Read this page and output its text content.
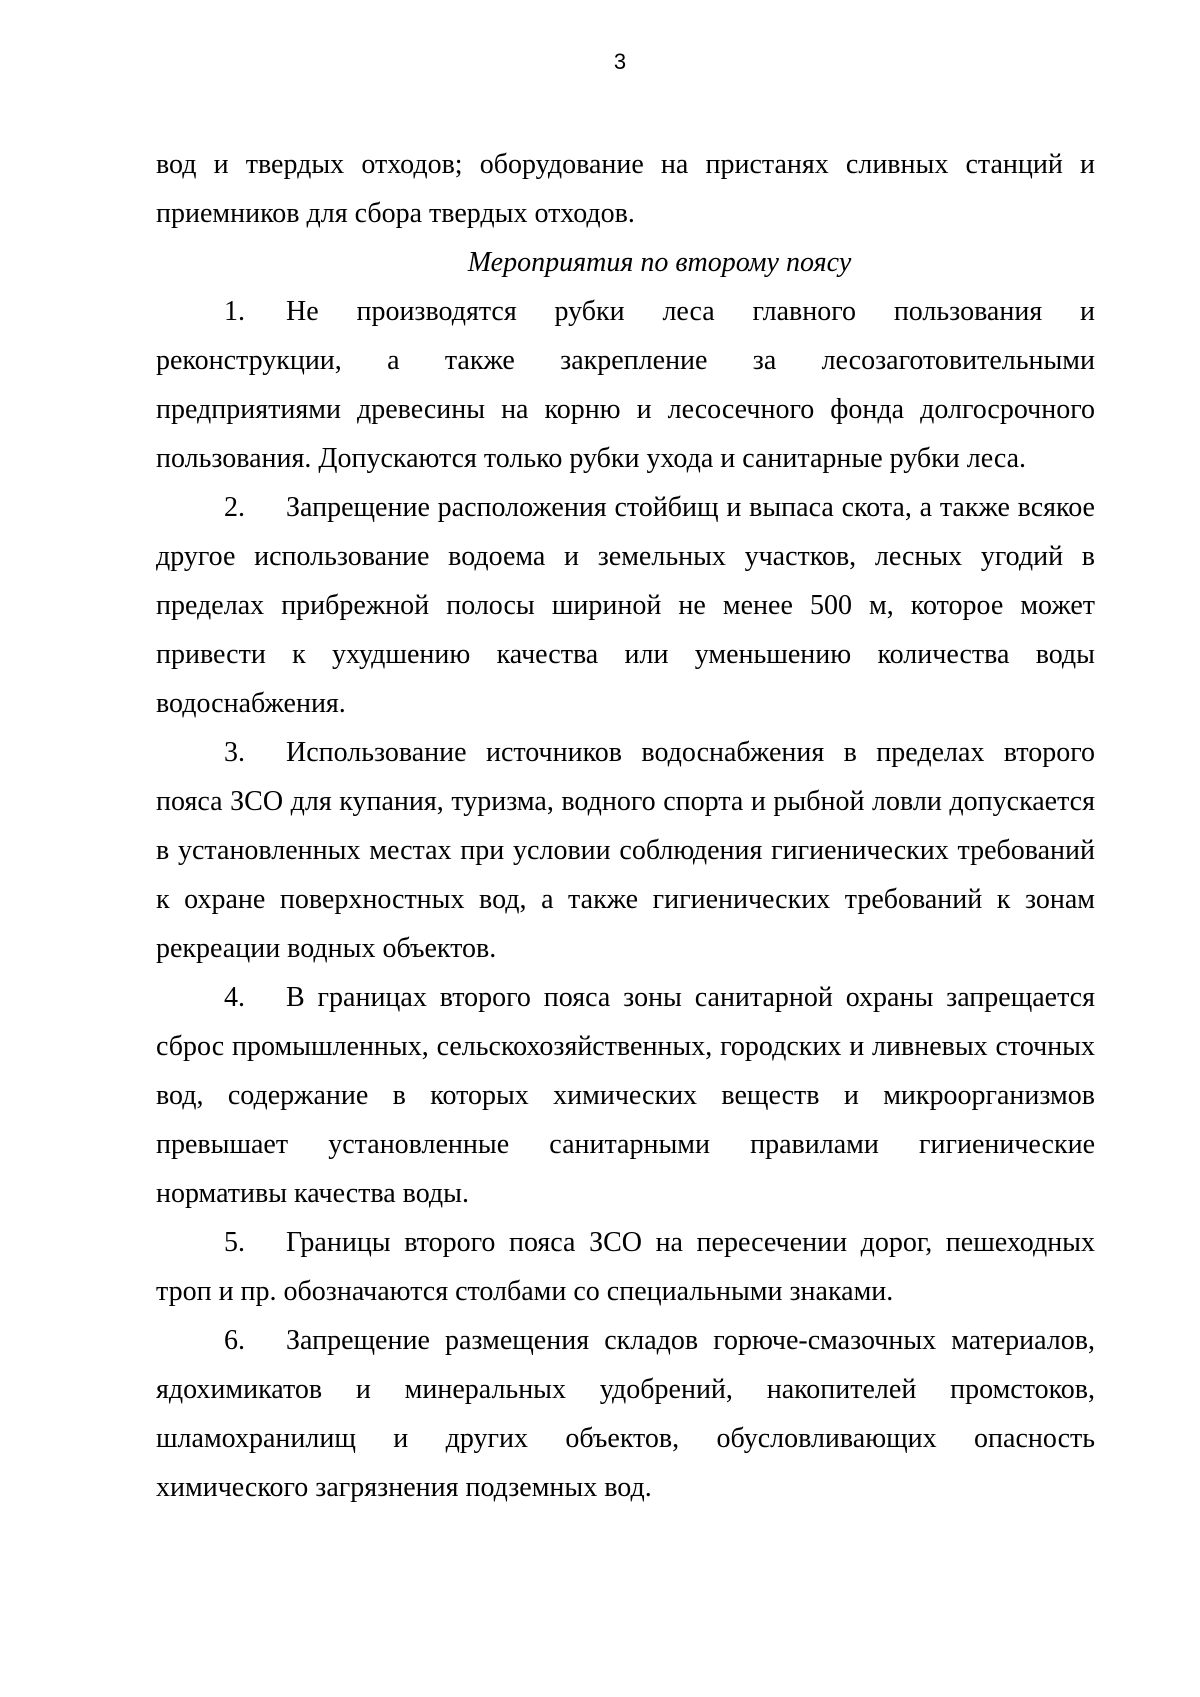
3

вод и твердых отходов; оборудование на пристанях сливных станций и приемников для сбора твердых отходов.

Мероприятия по второму поясу

1. Не производятся рубки леса главного пользования и реконструкции, а также закрепление за лесозаготовительными предприятиями древесины на корню и лесосечного фонда долгосрочного пользования. Допускаются только рубки ухода и санитарные рубки леса.

2. Запрещение расположения стойбищ и выпаса скота, а также всякое другое использование водоема и земельных участков, лесных угодий в пределах прибрежной полосы шириной не менее 500 м, которое может привести к ухудшению качества или уменьшению количества воды водоснабжения.

3. Использование источников водоснабжения в пределах второго пояса ЗСО для купания, туризма, водного спорта и рыбной ловли допускается в установленных местах при условии соблюдения гигиенических требований к охране поверхностных вод, а также гигиенических требований к зонам рекреации водных объектов.

4. В границах второго пояса зоны санитарной охраны запрещается сброс промышленных, сельскохозяйственных, городских и ливневых сточных вод, содержание в которых химических веществ и микроорганизмов превышает установленные санитарными правилами гигиенические нормативы качества воды.

5. Границы второго пояса ЗСО на пересечении дорог, пешеходных троп и пр. обозначаются столбами со специальными знаками.

6. Запрещение размещения складов горюче-смазочных материалов, ядохимикатов и минеральных удобрений, накопителей промстоков, шламохранилищ и других объектов, обусловливающих опасность химического загрязнения подземных вод.
